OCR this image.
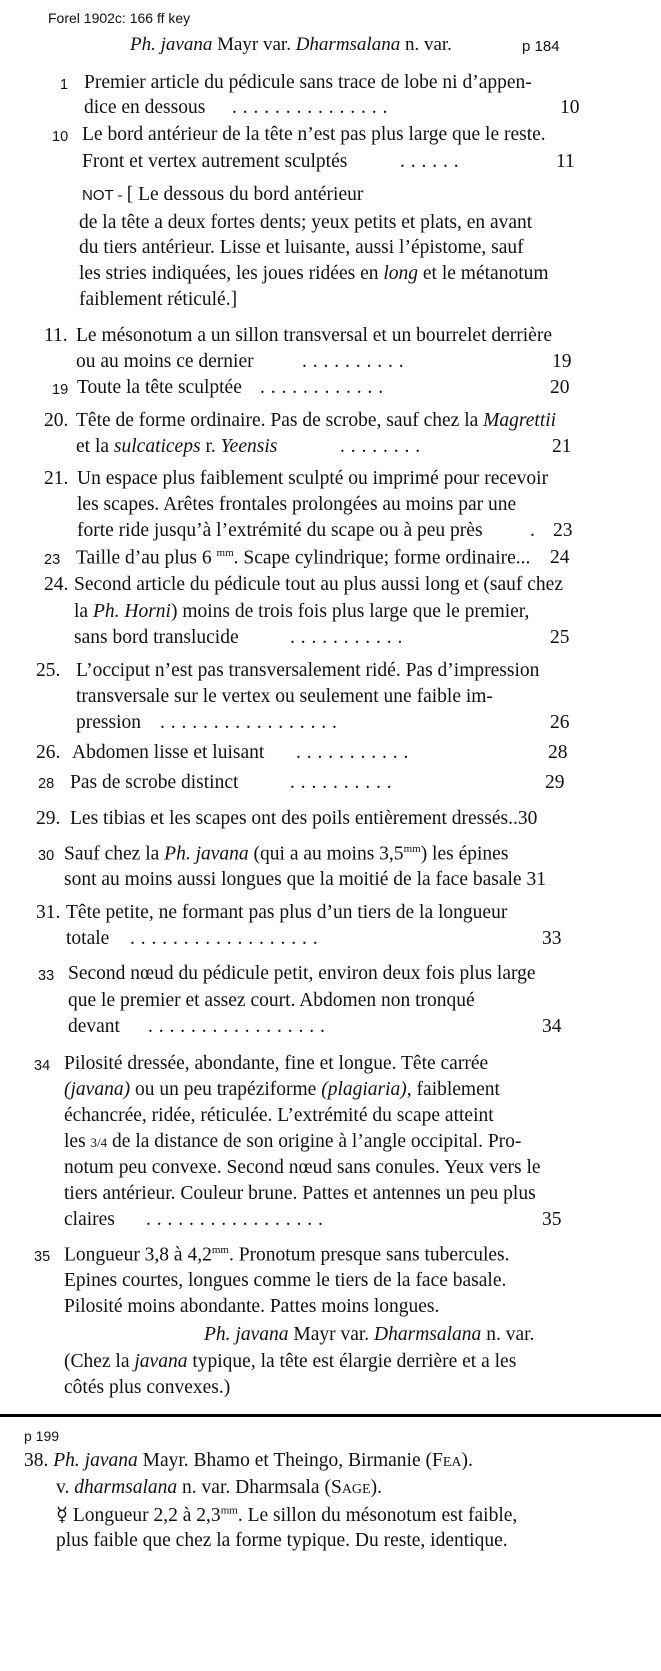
Forel 1902c: 166 ff key
Ph. javana Mayr var. Dharmsalana n. var.	p 184
1 Premier article du pédicule sans trace de lobe ni d’appen-
dice en dessous . . . . . . . . . . . . . . .	10
10 Le bord antérieur de la tête n’est pas plus large que le reste.
Front et vertex autrement sculptés	. . . . . .	11
NOT - [ Le dessous du bord antérieur
de la tête a deux fortes dents; yeux petits et plats, en avant
du tiers antérieur. Lisse et luisante, aussi l’épistome, sauf
les stries indiquées, les joues ridées en long et le métanotum
faiblement réticulé.]
11. Le mésonotum a un sillon transversal et un bourrelet derrière
ou au moins ce dernier . . . . . . . . . .	19
19 Toute la tête sculptée . . . . . . . . . . . .	20
20. Tête de forme ordinaire. Pas de scrobe, sauf chez la Magrettii
et la sulcaticeps r. Yeensis	. . . . . . . .	21
21. Un espace plus faiblement sculpté ou imprimé pour recevoir
les scapes. Arêtes frontales prolongées au moins par une
forte ride jusqu’à l’extrémité du scape ou à peu près . 23
23 Taille d’au plus 6 $^{mm}$. Scape cylindrique; forme ordinaire... 24
24. Second article du pédicule tout au plus aussi long et (sauf chez
la Ph. Horni) moins de trois fois plus large que le premier,
sans bord translucide	. . . . . . . . . . .	25
25. L’occiput n’est pas transversalement ridé. Pas d’impression
transversale sur le vertex ou seulement une faible im-
pression . . . . . . . . . . . . . . . . .	26
26. Abdomen lisse et luisant . . . . . . . . . . .	28
28 Pas de scrobe distinct	. . . . . . . . . .	29
29. Les tibias et les scapes ont des poils entièrement dressés..30
30 Sauf chez la Ph. javana (qui a au moins $3,5^{mm}$) les épines
sont au moins aussi longues que la moitié de la face basale 31
31. Tête petite, ne formant pas plus d’un tiers de la longueur
totale . . . . . . . . . . . . . . . . . .	33
33 Second nœud du pédicule petit, environ deux fois plus large
que le premier et assez court. Abdomen non tronqué
devant . . . . . . . . . . . . . . . . .	34
34 Pilosité dressée, abondante, fine et longue. Tête carrée
(javana) ou un peu trapéziforme (plagiaria), faiblement
échancrée, ridée, réticulée. L’extrémité du scape atteint
les 3/4 de la distance de son origine à l’angle occipital. Pro-
notum peu convexe. Second nœud sans conules. Yeux vers le
tiers antérieur. Couleur brune. Pattes et antennes un peu plus
claires . . . . . . . . . . . . . . . . .	35
35 Longueur 3,8 à $4,2^{mm}$. Pronotum presque sans tubercules.
Epines courtes, longues comme le tiers de la face basale.
Pilosité moins abondante. Pattes moins longues.
Ph. javana Mayr var. Dharmsalana n. var.
(Chez la javana typique, la tête est élargie derrière et a les
côtés plus convexes.)
p 199
38. Ph. javana Mayr. Bhamo et Theingo, Birmanie (FEA).
v. dharmsalana n. var. Dharmsala (SAGE).
☿ Longueur 2,2 à $2,3^{mm}$. Le sillon du mésonotum est faible,
plus faible que chez la forme typique. Du reste, identique.
